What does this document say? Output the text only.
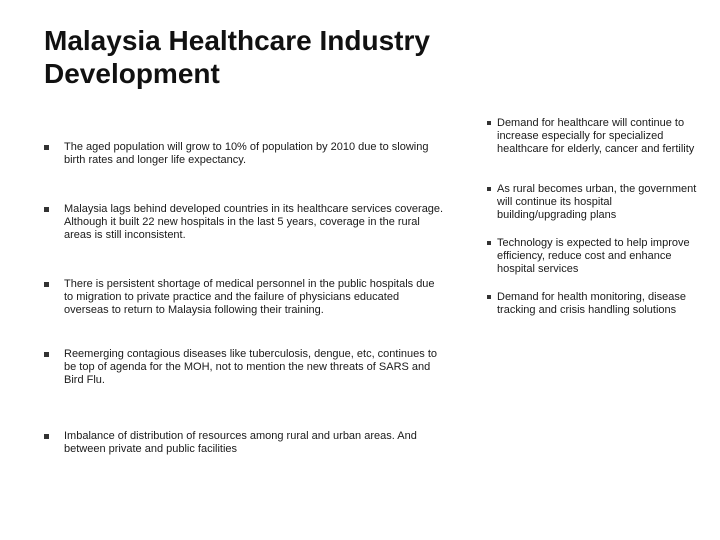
Malaysia Healthcare Industry
Development
The aged population will grow to 10% of population by 2010 due to slowing birth rates and longer life expectancy.
Malaysia lags behind developed countries in its healthcare services coverage. Although it built 22 new hospitals in the last 5 years, coverage in the rural areas is still inconsistent.
There is persistent shortage of medical personnel in the public hospitals due to migration to private practice and the failure of physicians educated overseas to return to Malaysia following their training.
Reemerging contagious diseases like tuberculosis, dengue, etc, continues to be top of agenda for the MOH, not to mention the new threats of SARS and Bird Flu.
Imbalance of distribution of resources among rural and urban areas. And between private and public facilities
Demand for healthcare will continue to increase especially for specialized healthcare for elderly, cancer and fertility
As rural becomes urban, the government will continue its hospital building/upgrading plans
Technology is expected to help improve efficiency, reduce cost and enhance hospital services
Demand for health monitoring, disease tracking and crisis handling solutions
